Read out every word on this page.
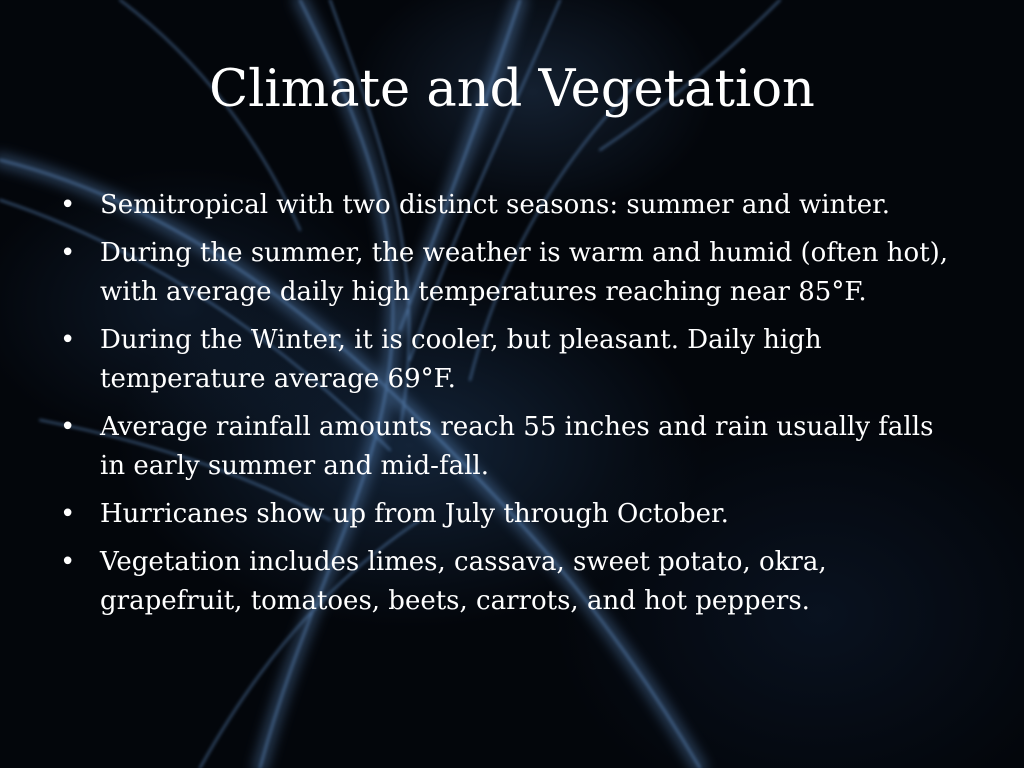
Climate and Vegetation
• Semitropical with two distinct seasons: summer and winter.
• During the summer, the weather is warm and humid (often hot), with average daily high temperatures reaching near 85°F.
• During the Winter, it is cooler, but pleasant. Daily high temperature average 69°F.
• Average rainfall amounts reach 55 inches and rain usually falls in early summer and mid-fall.
• Hurricanes show up from July through October.
• Vegetation includes limes, cassava, sweet potato, okra, grapefruit, tomatoes, beets, carrots, and hot peppers.
